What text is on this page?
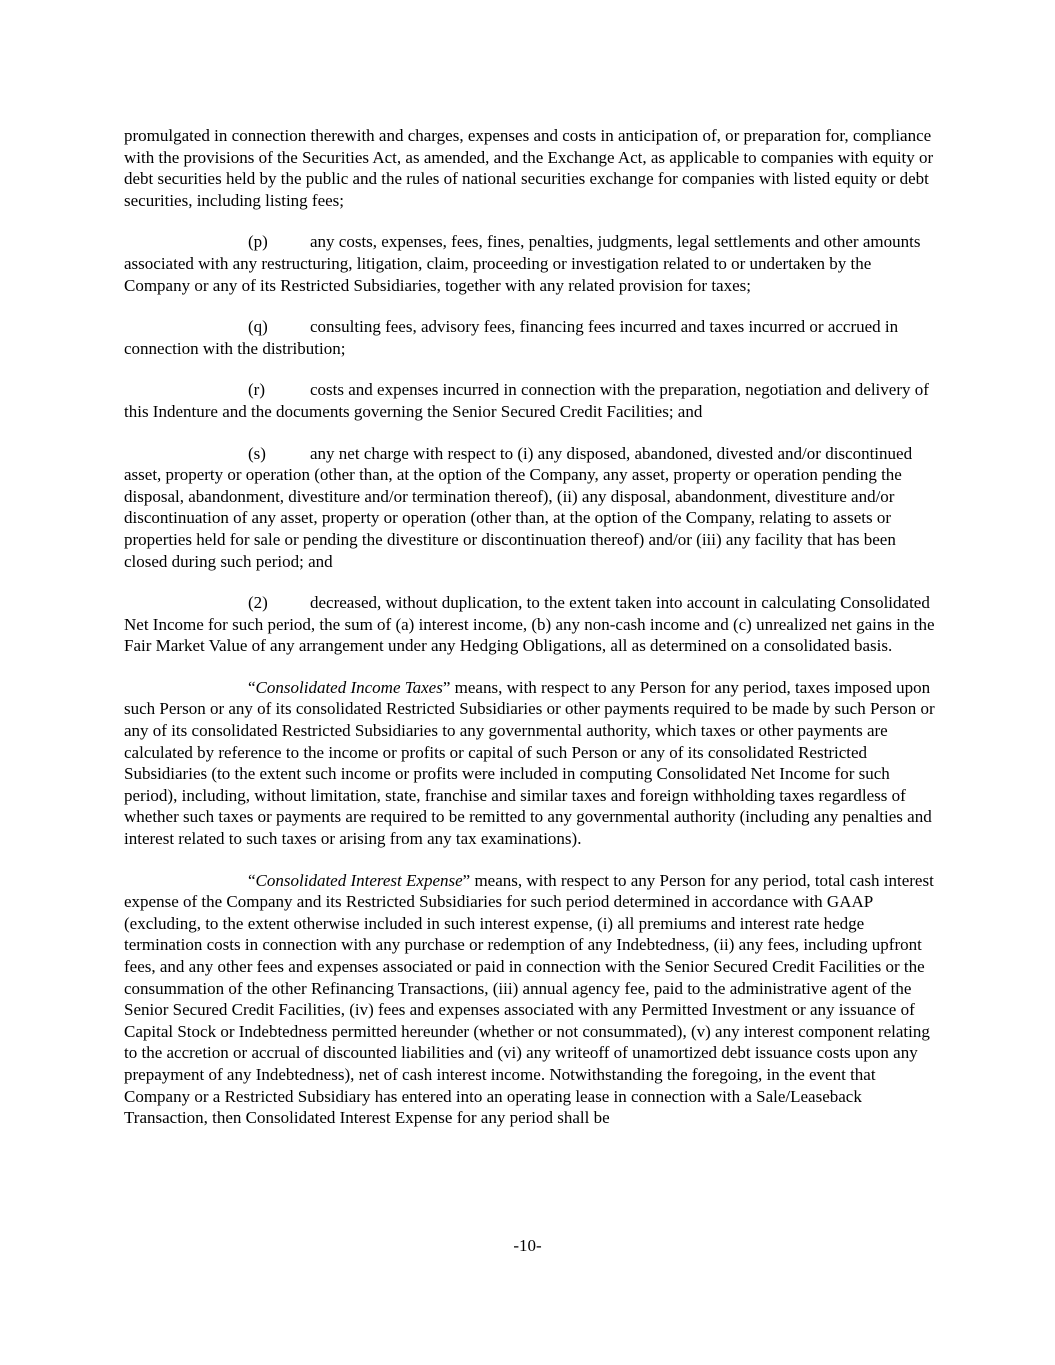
promulgated in connection therewith and charges, expenses and costs in anticipation of, or preparation for, compliance with the provisions of the Securities Act, as amended, and the Exchange Act, as applicable to companies with equity or debt securities held by the public and the rules of national securities exchange for companies with listed equity or debt securities, including listing fees;

(p) any costs, expenses, fees, fines, penalties, judgments, legal settlements and other amounts associated with any restructuring, litigation, claim, proceeding or investigation related to or undertaken by the Company or any of its Restricted Subsidiaries, together with any related provision for taxes;

(q) consulting fees, advisory fees, financing fees incurred and taxes incurred or accrued in connection with the distribution;

(r)	costs and expenses incurred in connection with the preparation, negotiation and delivery of this Indenture and the documents governing the Senior Secured Credit Facilities; and

(s)	any net charge with respect to (i) any disposed, abandoned, divested and/or discontinued asset, property or operation (other than, at the option of the Company, any asset, property or operation pending the disposal, abandonment, divestiture and/or termination thereof), (ii) any disposal, abandonment, divestiture and/or discontinuation of any asset, property or operation (other than, at the option of the Company, relating to assets or properties held for sale or pending the divestiture or discontinuation thereof) and/or (iii) any facility that has been closed during such period; and

(2) decreased, without duplication, to the extent taken into account in calculating Consolidated Net Income for such period, the sum of (a) interest income, (b) any non-cash income and (c) unrealized net gains in the Fair Market Value of any arrangement under any Hedging Obligations, all as determined on a consolidated basis.

“Consolidated Income Taxes” means, with respect to any Person for any period, taxes imposed upon such Person or any of its consolidated Restricted Subsidiaries or other payments required to be made by such Person or any of its consolidated Restricted Subsidiaries to any governmental authority, which taxes or other payments are calculated by reference to the income or profits or capital of such Person or any of its consolidated Restricted Subsidiaries (to the extent such income or profits were included in computing Consolidated Net Income for such period), including, without limitation, state, franchise and similar taxes and foreign withholding taxes regardless of whether such taxes or payments are required to be remitted to any governmental authority (including any penalties and interest related to such taxes or arising from any tax examinations).

“Consolidated Interest Expense” means, with respect to any Person for any period, total cash interest expense of the Company and its Restricted Subsidiaries for such period determined in accordance with GAAP (excluding, to the extent otherwise included in such interest expense, (i) all premiums and interest rate hedge termination costs in connection with any purchase or redemption of any Indebtedness, (ii) any fees, including upfront fees, and any other fees and expenses associated or paid in connection with the Senior Secured Credit Facilities or the consummation of the other Refinancing Transactions, (iii) annual agency fee, paid to the administrative agent of the Senior Secured Credit Facilities, (iv) fees and expenses associated with any Permitted Investment or any issuance of Capital Stock or Indebtedness permitted hereunder (whether or not consummated), (v) any interest component relating to the accretion or accrual of discounted liabilities and (vi) any writeoff of unamortized debt issuance costs upon any prepayment of any Indebtedness), net of cash interest income. Notwithstanding the foregoing, in the event that Company or a Restricted Subsidiary has entered into an operating lease in connection with a Sale/Leaseback Transaction, then Consolidated Interest Expense for any period shall be

-10-
